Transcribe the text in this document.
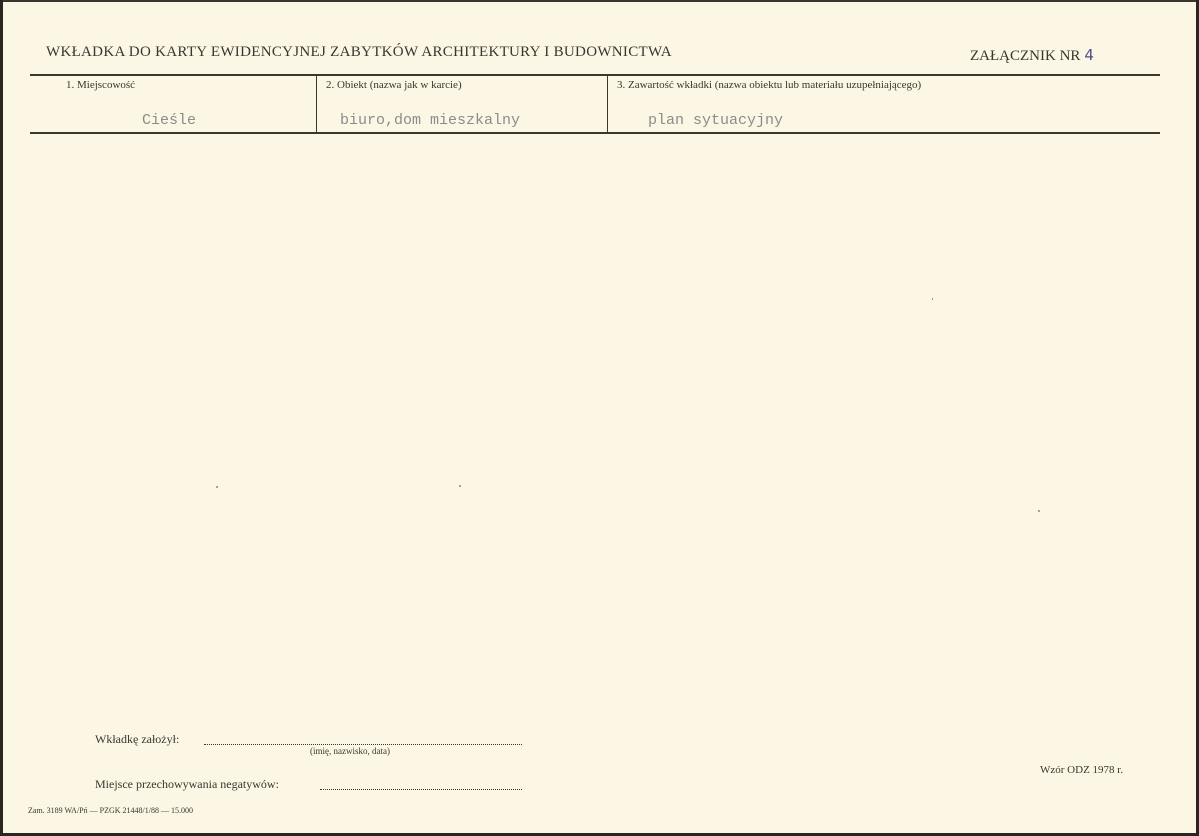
WKŁADKA DO KARTY EWIDENCYJNEJ ZABYTKÓW ARCHITEKTURY I BUDOWNICTWA	ZAŁĄCZNIK NR 4
1. Miejscowość
Cieśle
2. Obiekt (nazwa jak w karcie)
biuro,dom mieszkalny
3. Zawartość wkładki (nazwa obiektu lub materiału uzupełniającego)
plan sytuacyjny
Wkładkę założył:
(imię, nazwisko, data)
Miejsce przechowywania negatywów:
Wzór ODZ 1978 r.
Zam. 3189 WA/Pń — PZGK 21448/1/88 — 15.000
